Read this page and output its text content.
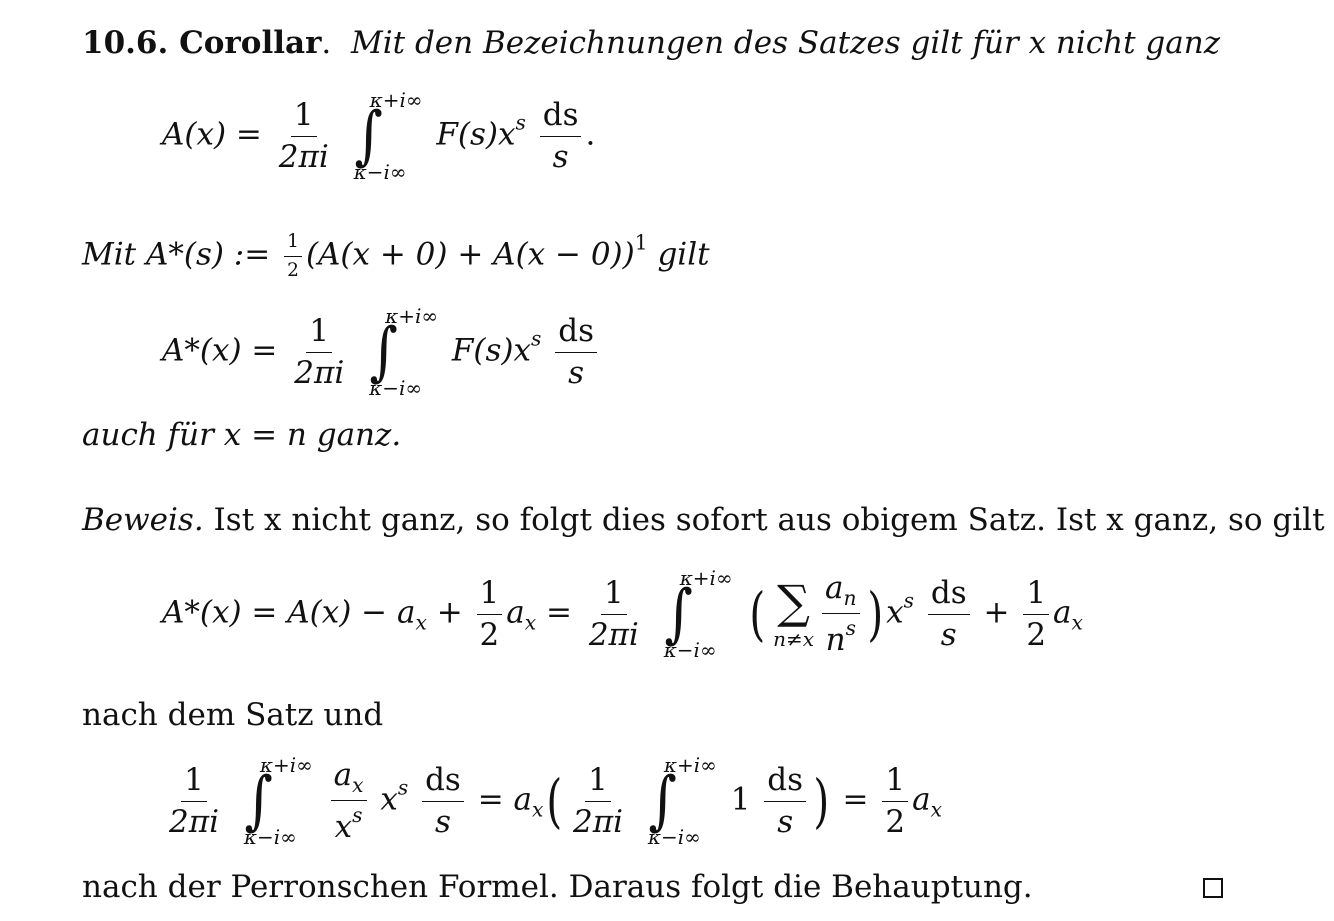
10.6. Corollar.  Mit den Bezeichnungen des Satzes gilt für x nicht ganz
$A(x) = \frac{1}{2\pi i}$
κ+i∞
∫
κ−i∞
$F(s)x^s \frac{ds}{s}$ .
Mit A*(s) := $\frac{1}{2} (A(x + 0) + A(x - 0))^1$ gilt
$A*(x) = \frac{1}{2\pi i}$
κ+i∞
∫
κ−i∞
$F(s)x^s \frac{ds}{s}$
auch für x = n ganz.
Beweis. Ist x nicht ganz, so folgt dies sofort aus obigem Satz. Ist x ganz, so gilt
$A*(x) = A(x) - a_x + \frac{1}{2} a_x = \frac{1}{2\pi i}$
κ+i∞
∫
κ−i∞
( ∑
$n\ne x \frac{a_n}{n^s}$ ) $x^s \frac{ds}{s} + \frac{1}{2} a_x$
nach dem Satz und
$\frac{1}{2\pi i}$
κ+i∞
∫
κ−i∞
$\frac{a_x}{x^s} x^s \frac{ds}{s} = a_x( \frac{1}{2\pi i}$
κ+i∞
∫
κ−i∞
$1 \frac{ds}{s}$ ) = $\frac{1}{2} a_x$
nach der Perronschen Formel. Daraus folgt die Behauptung.
